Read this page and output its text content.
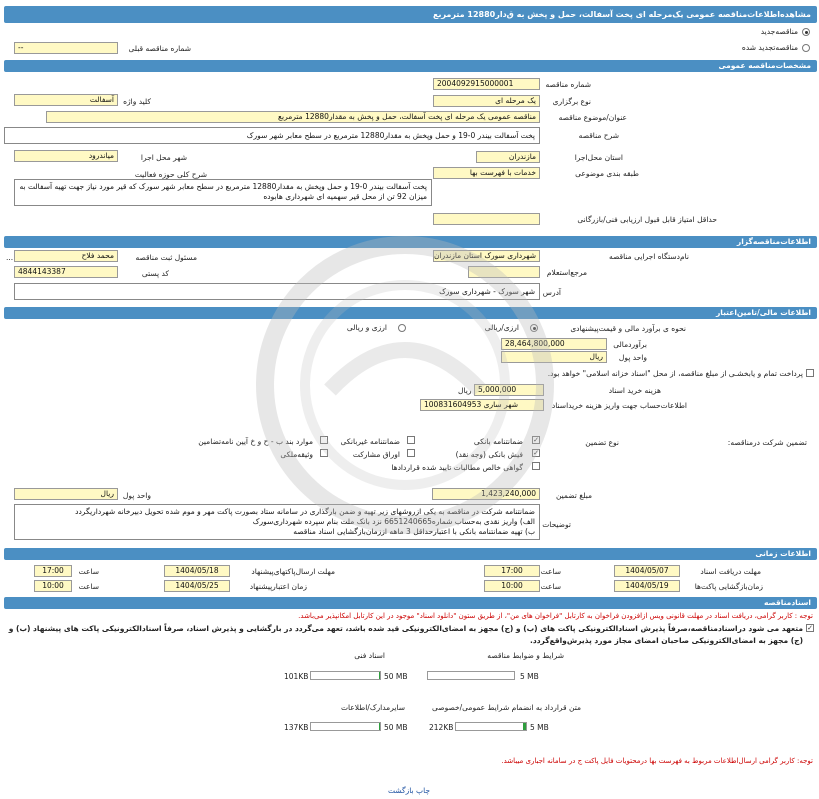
مشاهده‌اطلاعات‌مناقصه عمومی یک‌مرحله ای پخت آسفالت، حمل و پخش به ‌ق‌دار12880 مترمربع
مناقصه‌جدید
مناقصه‌تجدید شده
--	شماره مناقصه قبلی
مشخصات‌مناقصه عمومی
2004092915000001	شماره مناقصه
یک مرحله ای	نوع برگزاری
آسفالت	کلید واژه
مناقصه عمومی یک مرحله ای پخت آسفالت، حمل و پخش به مقدار12880 مترمربع	عنوان/موضوع مناقصه
پخت آسفالت بیندر 0-19 و حمل وپخش به مقدار12880 مترمربع در سطح معابر شهر سورک	شرح مناقصه
مازندران	استان محل‌اجرا
میاندرود	شهر محل اجرا
خدمات با فهرست بها	طبقه بندی موضوعی
شرح کلی حوزه فعالیت
پخت آسفالت بیندر 0-19 و حمل وپخش به مقدار12880 مترمربع در سطح معابر شهر سورک که قیر مورد نیاز جهت تهیه آسفالت به میزان 92 تن از محل قیر سهمیه ای شهرداری هابوده
حداقل امتیاز قابل قبول ارزیابی فنی/بازرگانی
اطلاعات‌مناقصه‌گزار
شهرداری سورک استان مازندران	نام‌دستگاه اجرایی مناقصه
محمد فلاح	مسئول ثبت مناقصه
...
مرجع‌استعلام
4844143387	کد پستی
شهر سورک - شهرداری سورک	آدرس
اطلاعات مالی/تامین‌اعتبار
نحوه ی برآورد مالی و قیمت‌پیشنهادی
ارزی/ریالی
ارزی و ریالی
28,464,800,000	برآورد‌مالی
ریال	واحد پول
پرداخت تمام و یابخشـی از مبلغ مناقصه، از محل "اسناد خزانه اسلامی" خواهد بود.
5,000,000
ریال	هزینه خرید اسناد
100831604953 شهر ساری	اطلاعات‌حساب جهت واریز هزینه خریداسناد
تضمین شرکت در‌مناقصه:
نوع تضمین
✓
ضمانتنامه بانکی
ضمانتنامه غیربانکی
موارد بند ب - ح و خ آیین نامه‌تضامین
✓
فیش بانکی (وجه نقد)
اوراق مشارکت
وثیقه‌ملکی
گواهی خالص مطالبات تایید شده قراردادها
1,423,240,000	مبلغ تضمین
ریال	واحد پول
ضمانتنامه شرکت در مناقصه به یکی ازروشهای زیر تهیه و ضمن بارگذاری در سامانه ستاد بصورت پاکت مهر و موم شده تحویل دبیرخانه شهرداریگردد
الف) واریز نقدی به‌حساب شماره6651240665 نزد بانک ملت بنام سپرده شهرداری‌سورک
ب) تهیه ضمانتنامه بانکی با اعتبارحداقل 3 ماهه اززمان‌بازگشایی اسناد مناقصه
توضیحات
اطلاعات زمانی
1404/05/07	مهلت دریافت اسناد
17:00	ساعت
1404/05/18	مهلت ارسال‌پاکتهای‌پیشنهاد
17:00	ساعت
1404/05/19	زمان‌بازگشایی پاکت‌ها
10:00	ساعت
1404/05/25	زمان اعتبارپیشنهاد
10:00	ساعت
اسنادمناقصه
توجه : کاربر گرامی، دریافت اسناد در مهلت قانونی ویس ازافزودن فراخوان به کارتابل "فراخوان های من"، از طریق ستون "دانلود اسناد" موجود در این کارتابل امکانپذیر می‌باشد.
✓
متعهد می شود دراسنادمناقصه،صرفاً پذیرش اسنادالکترونیکی پاکت های (ب) و (ج) مجهز به امضای‌الکترونیکی قید شده باشد، تعهد می‌گردد در بارگشایی و پذیرش اسناد، صرفاً اسنادالکترونیکی پاکت های پیشنهاد (ب) و (ج) مجهز به امضای‌الکترونیکی صاحبان امضای مجاز مورد پذیرش‌واقع‌گردد.
شرایط و ضوابط مناقصه
5 MB
اسناد فنی
50 MB
101KB
متن قرارداد به انضمام شرایط عمومی/خصوصی
5 MB
212KB
سایرمدارک/اطلاعات
50 MB
137KB
توجه: کاربر گرامی ارسال‌اطلاعات مربوط به فهرست بها درمحتویات فایل پاکت ج در سامانه اجباری میباشد.
چاپ بازگشت
